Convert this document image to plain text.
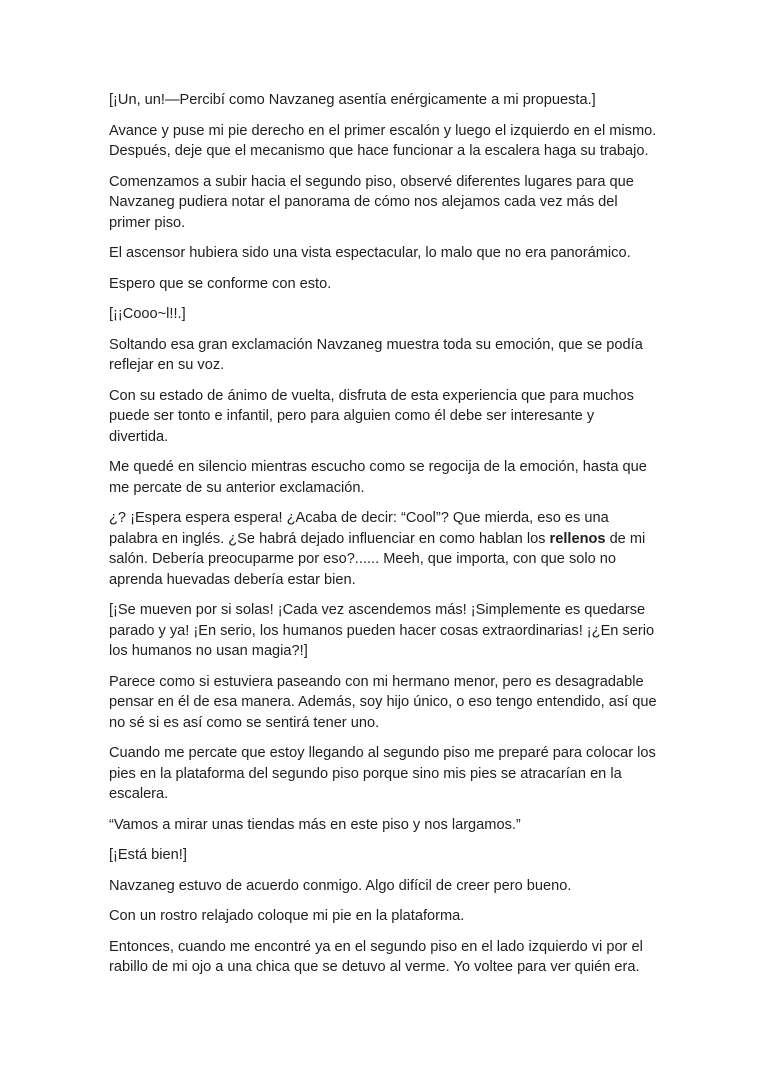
[¡Un, un!—Percibí como Navzaneg asentía enérgicamente a mi propuesta.]

Avance y puse mi pie derecho en el primer escalón y luego el izquierdo en el mismo. Después, deje que el mecanismo que hace funcionar a la escalera haga su trabajo.

Comenzamos a subir hacia el segundo piso, observé diferentes lugares para que Navzaneg pudiera notar el panorama de cómo nos alejamos cada vez más del primer piso.

El ascensor hubiera sido una vista espectacular, lo malo que no era panorámico.

Espero que se conforme con esto.

[¡¡Cooo~l!!.]

Soltando esa gran exclamación Navzaneg muestra toda su emoción, que se podía reflejar en su voz.

Con su estado de ánimo de vuelta, disfruta de esta experiencia que para muchos puede ser tonto e infantil, pero para alguien como él debe ser interesante y divertida.

Me quedé en silencio mientras escucho como se regocija de la emoción, hasta que me percate de su anterior exclamación.

¿? ¡Espera espera espera! ¿Acaba de decir: “Cool”? Que mierda, eso es una palabra en inglés. ¿Se habrá dejado influenciar en como hablan los rellenos de mi salón. Debería preocuparme por eso?...... Meeh, que importa, con que solo no aprenda huevadas debería estar bien.

[¡Se mueven por si solas! ¡Cada vez ascendemos más! ¡Simplemente es quedarse parado y ya! ¡En serio, los humanos pueden hacer cosas extraordinarias! ¡¿En serio los humanos no usan magia?!]

Parece como si estuviera paseando con mi hermano menor, pero es desagradable pensar en él de esa manera. Además, soy hijo único, o eso tengo entendido, así que no sé si es así como se sentirá tener uno.

Cuando me percate que estoy llegando al segundo piso me preparé para colocar los pies en la plataforma del segundo piso porque sino mis pies se atracarían en la escalera.

“Vamos a mirar unas tiendas más en este piso y nos largamos.”

[¡Está bien!]

Navzaneg estuvo de acuerdo conmigo. Algo difícil de creer pero bueno.

Con un rostro relajado coloque mi pie en la plataforma.

Entonces, cuando me encontré ya en el segundo piso en el lado izquierdo vi por el rabillo de mi ojo a una chica que se detuvo al verme. Yo voltee para ver quién era.
